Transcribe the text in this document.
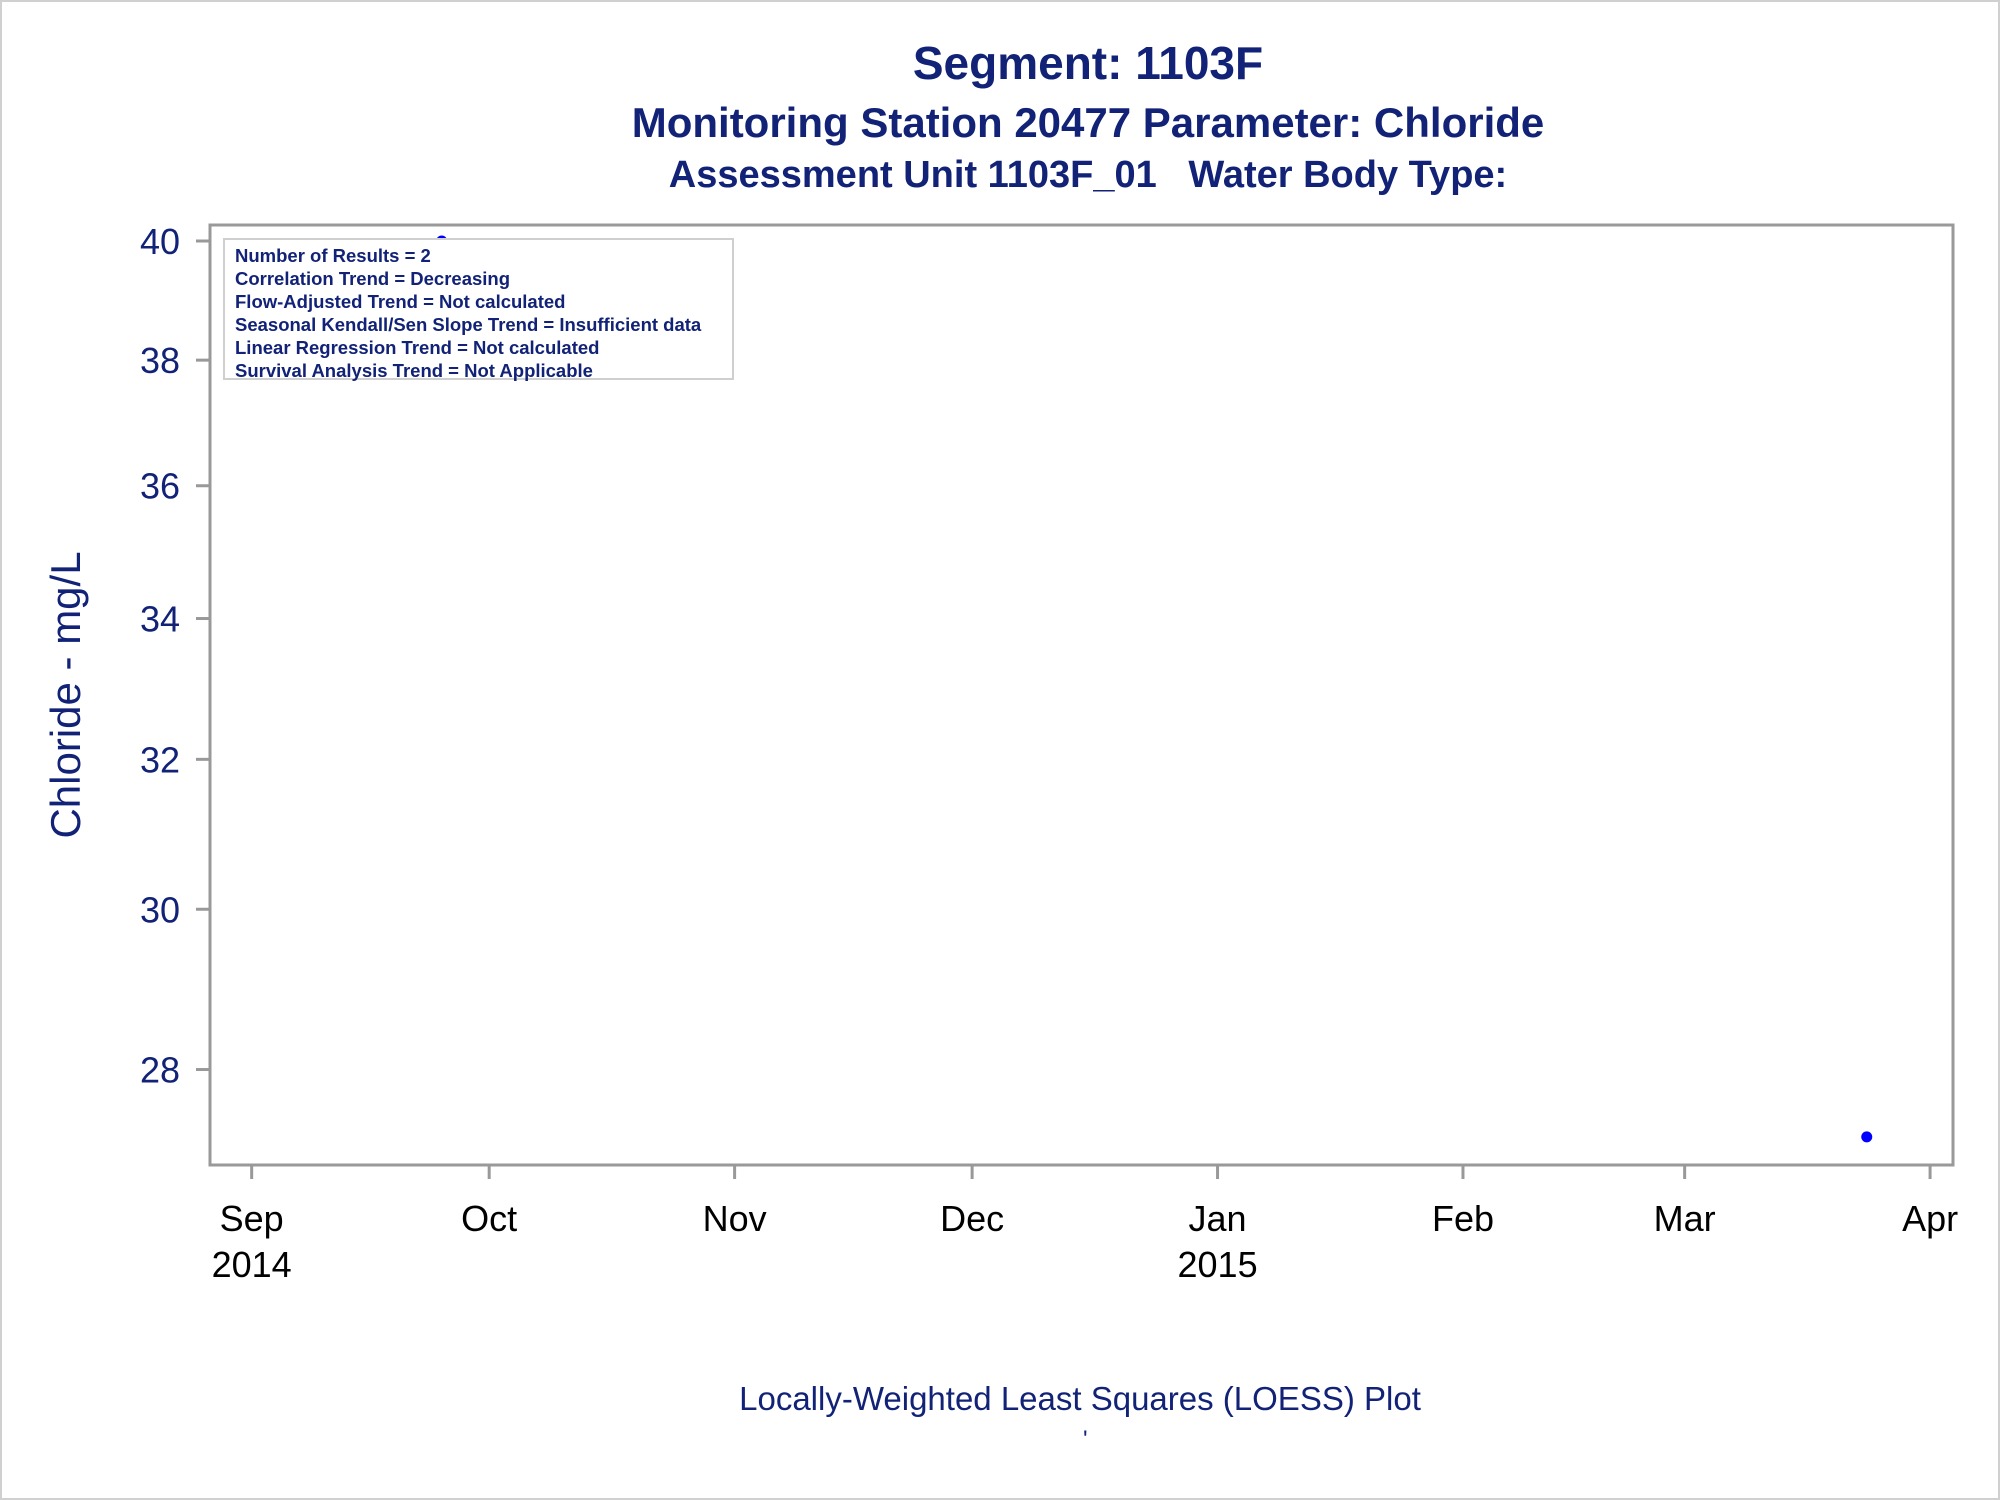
Segment: 1103F
Monitoring Station 20477 Parameter: Chloride
Assessment Unit 1103F_01   Water Body Type:
28
30
32
34
36
38
40
Sep
2014
Oct	Nov	Dec	Jan
2015
Feb	Mar	Apr
Chloride - mg/L
Number of Results = 2
Correlation Trend = Decreasing
Flow-Adjusted Trend = Not calculated
Seasonal Kendall/Sen Slope Trend = Insufficient data
Linear Regression Trend = Not calculated
Survival Analysis Trend = Not Applicable
Locally-Weighted Least Squares (LOESS) Plot
'
